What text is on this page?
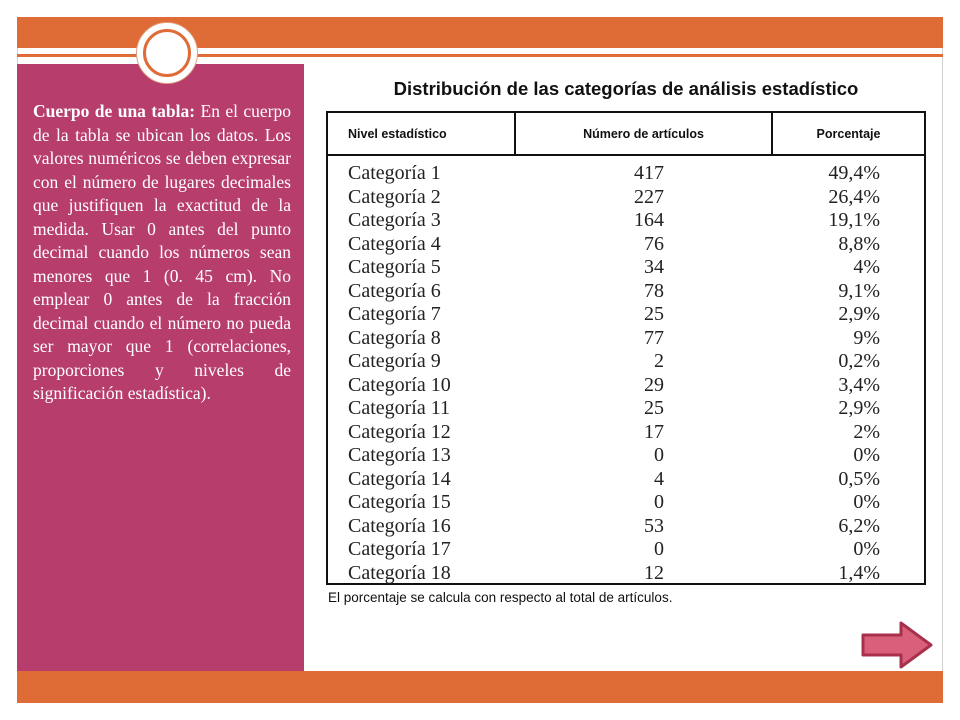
Cuerpo de una tabla: En el cuerpo de la tabla se ubican los datos. Los valores numéricos se deben expresar con el número de lugares decimales que justifiquen la exactitud de la medida. Usar 0 antes del punto decimal cuando los números sean menores que 1 (0. 45 cm). No emplear 0 antes de la fracción decimal cuando el número no pueda ser mayor que 1 (correlaciones, proporciones y niveles de significación estadística).
Distribución de las categorías de análisis estadístico
Nivel estadístico	Número de artículos	Porcentaje
Categoría 1	417	49,4%
Categoría 2	227	26,4%
Categoría 3	164	19,1%
Categoría 4	76	8,8%
Categoría 5	34	4%
Categoría 6	78	9,1%
Categoría 7	25	2,9%
Categoría 8	77	9%
Categoría 9	2	0,2%
Categoría 10	29	3,4%
Categoría 11	25	2,9%
Categoría 12	17	2%
Categoría 13	0	0%
Categoría 14	4	0,5%
Categoría 15	0	0%
Categoría 16	53	6,2%
Categoría 17	0	0%
Categoría 18	12	1,4%
El porcentaje se calcula con respecto al total de artículos.
